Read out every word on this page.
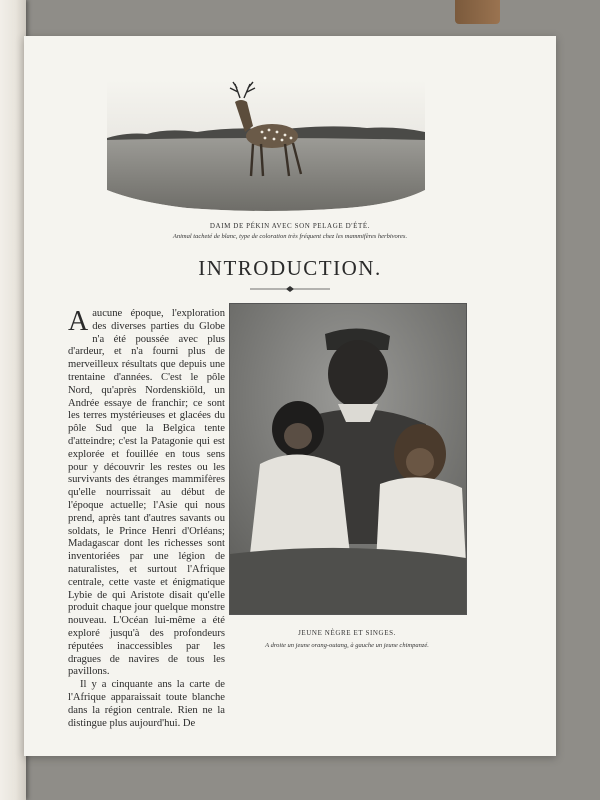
DAIM DE PÉKIN AVEC SON PELAGE D'ÉTÉ.
Animal tacheté de blanc, type de coloration très fréquent chez les mammifères herbivores.
INTRODUCTION.

Aaucune époque, l'exploration des diverses parties du Globe n'a été poussée avec plus d'ardeur, et n'a fourni plus de merveilleux résultats que depuis une trentaine d'années. C'est le pôle Nord, qu'après Nordenskiöld, un Andrée essaye de franchir; ce sont les terres mystérieuses et glacées du pôle Sud que la Belgica tente d'atteindre; c'est la Patagonie qui est explorée et fouillée en tous sens pour y découvrir les restes ou les survivants des étranges mammifères qu'elle nourrissait au début de l'époque actuelle; l'Asie qui nous prend, après tant d'autres savants ou soldats, le Prince Henri d'Orléans; Madagascar dont les richesses sont inventoriées par une légion de naturalistes, et surtout l'Afrique centrale, cette vaste et énigmatique Lybie de qui Aristote disait qu'elle produit chaque jour quelque monstre nouveau. L'Océan lui-même a été exploré jusqu'à des profondeurs réputées inaccessibles par les dragues de navires de tous les pavillons.

Il y a cinquante ans la carte de l'Afrique apparaissait toute blanche dans la région centrale. Rien ne la distingue plus aujourd'hui. De

JEUNE NÈGRE ET SINGES.
A droite un jeune orang-outang, à gauche un jeune chimpanzé.
